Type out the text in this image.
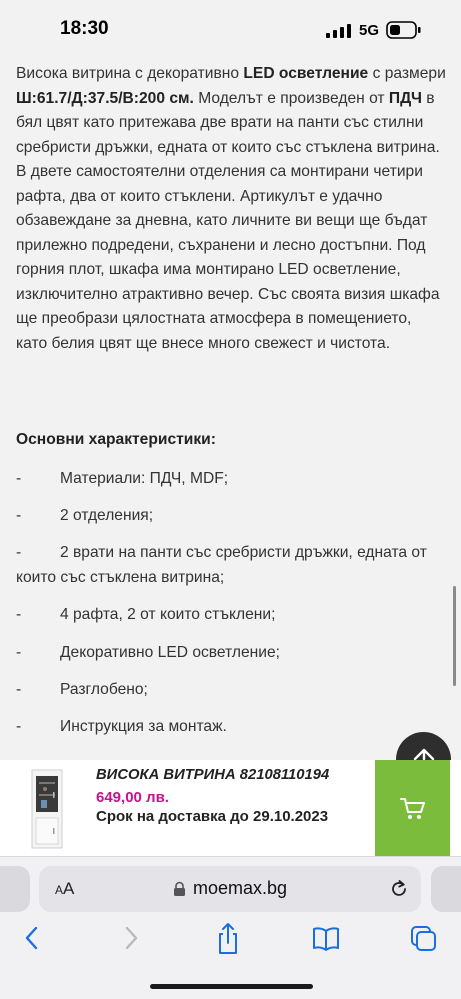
18:30	5G

Висока витрина с декоративно LED осветление с размери Ш:61.7/Д:37.5/В:200 см. Моделът е произведен от ПДЧ в бял цвят като притежава две врати на панти със стилни сребристи дръжки, едната от които със стъклена витрина. В двете самостоятелни отделения са монтирани четири рафта, два от които стъклени. Артикулът е удачно обзавеждане за дневна, като личните ви вещи ще бъдат прилежно подредени, съхранени и лесно достъпни. Под горния плот, шкафа има монтирано LED осветление, изключително атрактивно вечер. Със своята визия шкафа ще преобрази цялостната атмосфера в помещението, като белия цвят ще внесе много свежест и чистота.

Основни характеристики:
-	Материали: ПДЧ, MDF;
-	2 отделения;
-	2 врати на панти със сребристи дръжки, едната от които със стъклена витрина;
-	4 рафта, 2 от които стъклени;
-	Декоративно LED осветление;
-	Разглобено;
-	Инструкция за монтаж.
ВИСОКА ВИТРИНА 82108110194
649,00 лв.
Срок на доставка до 29.10.2023
AA	moemax.bg
